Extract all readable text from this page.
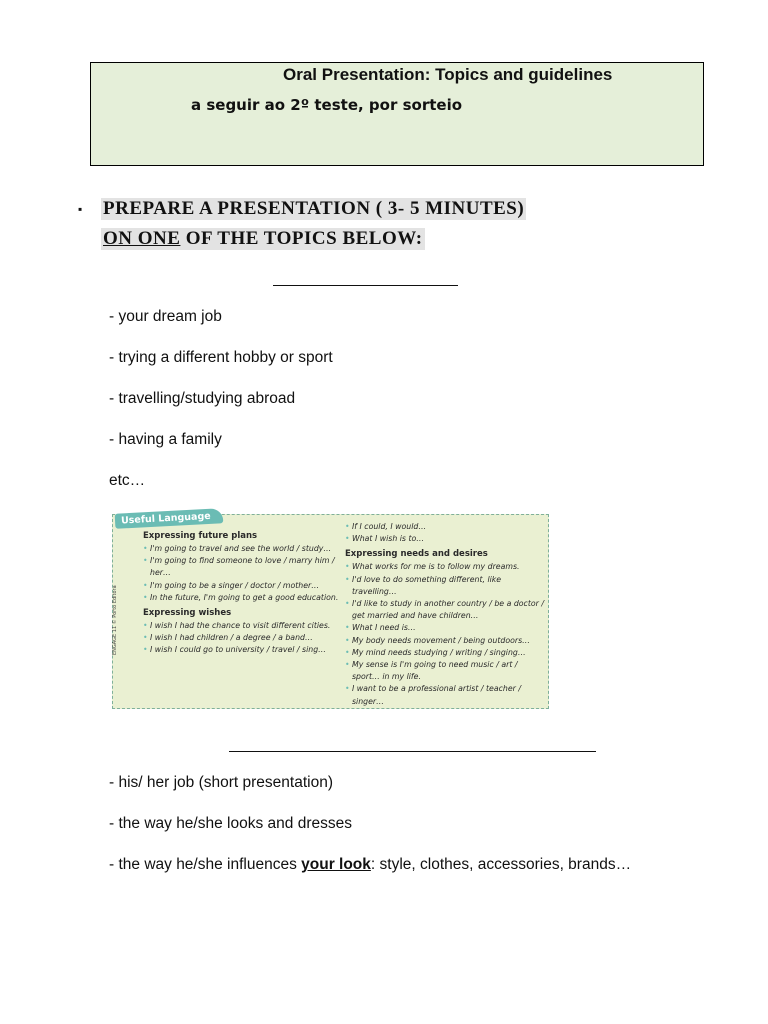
Oral Presentation: Topics and guidelines
a seguir ao 2º teste, por sorteio
▪ PREPARE A PRESENTATION ( 3- 5 MINUTES)
ON ONE OF THE TOPICS BELOW:
- your dream job
- trying a different hobby or sport
- travelling/studying abroad
- having a family
etc…
Useful Language
ENGAGE 11 © Porto Editora
Expressing future plans
• I'm going to travel and see the world / study…
• I'm going to find someone to love / marry him / her…
• I'm going to be a singer / doctor / mother…
• In the future, I'm going to get a good education.
Expressing wishes
• I wish I had the chance to visit different cities.
• I wish I had children / a degree / a band…
• I wish I could go to university / travel / sing…
• If I could, I would…
• What I wish is to…
Expressing needs and desires
• What works for me is to follow my dreams.
• I'd love to do something different, like travelling…
• I'd like to study in another country / be a doctor / get married and have children…
• What I need is…
• My body needs movement / being outdoors…
• My mind needs studying / writing / singing…
• My sense is I'm going to need music / art / sport… in my life.
• I want to be a professional artist / teacher / singer…
- his/ her job (short presentation)
- the way he/she looks and dresses
- the way he/she influences your look: style, clothes, accessories, brands…
